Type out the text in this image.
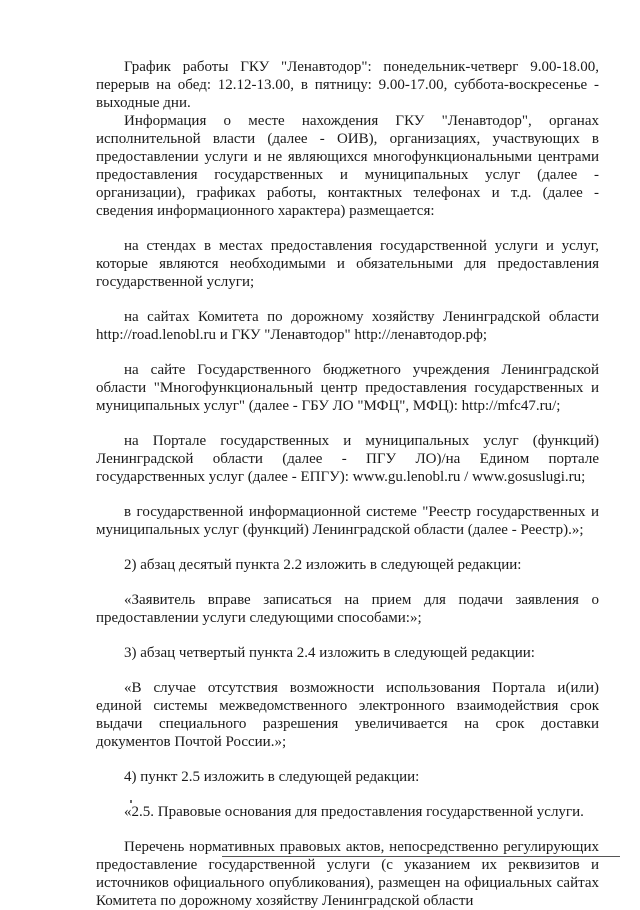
График работы ГКУ "Ленавтодор": понедельник-четверг 9.00-18.00, перерыв на обед: 12.12-13.00, в пятницу: 9.00-17.00, суббота-воскресенье - выходные дни.

Информация о месте нахождения ГКУ "Ленавтодор", органах исполнительной власти (далее - ОИВ), организациях, участвующих в предоставлении услуги и не являющихся многофункциональными центрами предоставления государственных и муниципальных услуг (далее - организации), графиках работы, контактных телефонах и т.д. (далее - сведения информационного характера) размещается:

на стендах в местах предоставления государственной услуги и услуг, которые являются необходимыми и обязательными для предоставления государственной услуги;

на сайтах Комитета по дорожному хозяйству Ленинградской области http://road.lenobl.ru и ГКУ "Ленавтодор" http://ленавтодор.рф;

на сайте Государственного бюджетного учреждения Ленинградской области "Многофункциональный центр предоставления государственных и муниципальных услуг" (далее - ГБУ ЛО "МФЦ", МФЦ): http://mfc47.ru/;

на Портале государственных и муниципальных услуг (функций) Ленинградской области (далее - ПГУ ЛО)/на Едином портале государственных услуг (далее - ЕПГУ): www.gu.lenobl.ru / www.gosuslugi.ru;

в государственной информационной системе "Реестр государственных и муниципальных услуг (функций) Ленинградской области (далее - Реестр).»;

2) абзац десятый пункта 2.2 изложить в следующей редакции:

«Заявитель вправе записаться на прием для подачи заявления о предоставлении услуги следующими способами:»;

3) абзац четвертый пункта 2.4 изложить в следующей редакции:

«В случае отсутствия возможности использования Портала и(или) единой системы межведомственного электронного взаимодействия срок выдачи специального разрешения увеличивается на срок доставки документов Почтой России.»;

4) пункт 2.5 изложить в следующей редакции:

«2.5. Правовые основания для предоставления государственной услуги.

Перечень нормативных правовых актов, непосредственно регулирующих предоставление государственной услуги (с указанием их реквизитов и источников официального опубликования), размещен на официальных сайтах Комитета по дорожному хозяйству Ленинградской области
